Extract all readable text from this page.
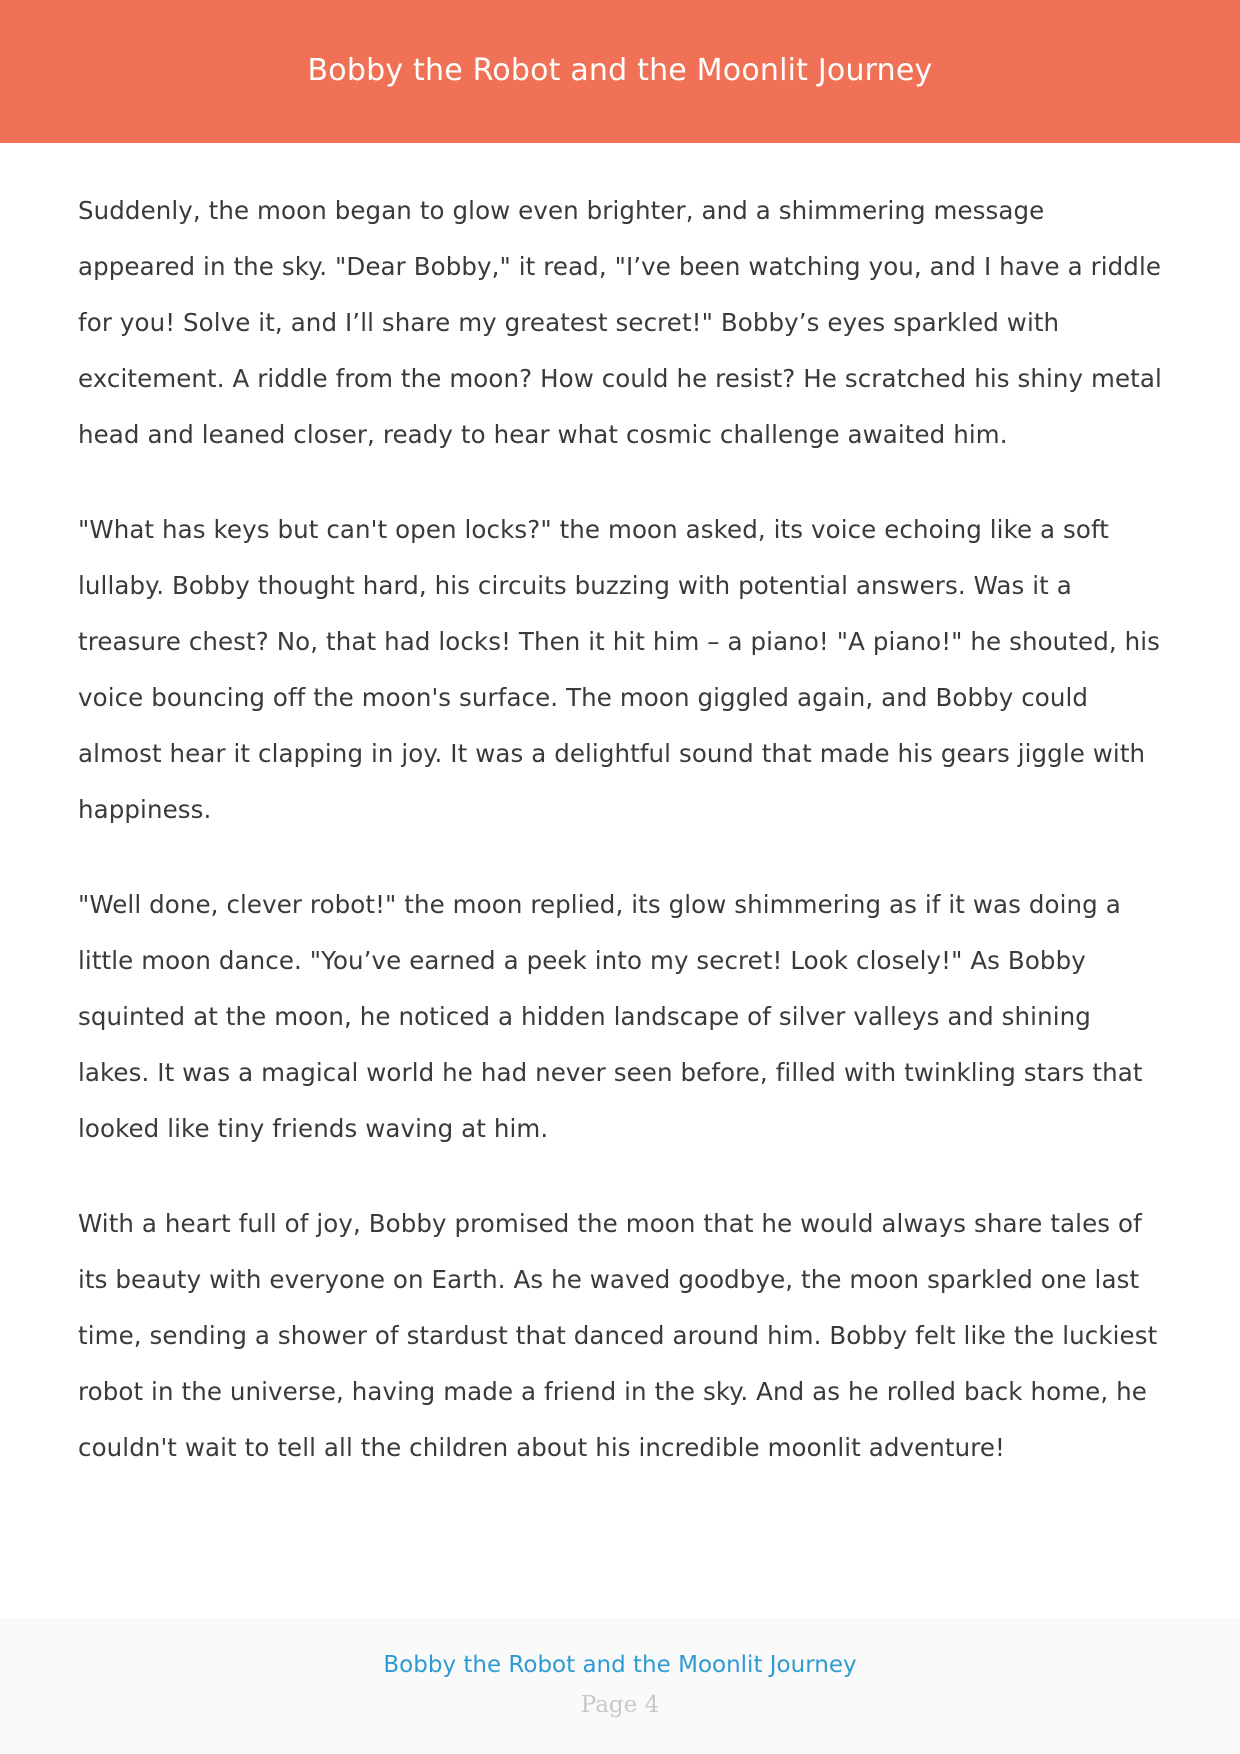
Bobby the Robot and the Moonlit Journey

Suddenly, the moon began to glow even brighter, and a shimmering message appeared in the sky. "Dear Bobby," it read, "I’ve been watching you, and I have a riddle for you! Solve it, and I’ll share my greatest secret!" Bobby’s eyes sparkled with excitement. A riddle from the moon? How could he resist? He scratched his shiny metal head and leaned closer, ready to hear what cosmic challenge awaited him.

"What has keys but can't open locks?" the moon asked, its voice echoing like a soft lullaby. Bobby thought hard, his circuits buzzing with potential answers. Was it a treasure chest? No, that had locks! Then it hit him – a piano! "A piano!" he shouted, his voice bouncing off the moon's surface. The moon giggled again, and Bobby could almost hear it clapping in joy. It was a delightful sound that made his gears jiggle with happiness.

"Well done, clever robot!" the moon replied, its glow shimmering as if it was doing a little moon dance. "You’ve earned a peek into my secret! Look closely!" As Bobby squinted at the moon, he noticed a hidden landscape of silver valleys and shining lakes. It was a magical world he had never seen before, filled with twinkling stars that looked like tiny friends waving at him.

With a heart full of joy, Bobby promised the moon that he would always share tales of its beauty with everyone on Earth. As he waved goodbye, the moon sparkled one last time, sending a shower of stardust that danced around him. Bobby felt like the luckiest robot in the universe, having made a friend in the sky. And as he rolled back home, he couldn't wait to tell all the children about his incredible moonlit adventure!

Bobby the Robot and the Moonlit Journey
Page 4
